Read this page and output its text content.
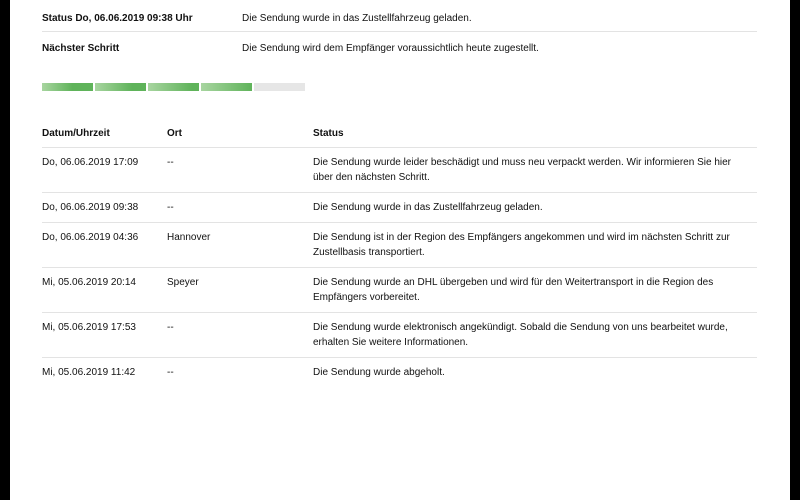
Status Do, 06.06.2019 09:38 Uhr	Die Sendung wurde in das Zustellfahrzeug geladen.
Nächster Schritt	Die Sendung wird dem Empfänger voraussichtlich heute zugestellt.
Datum/Uhrzeit	Ort	Status
Do, 06.06.2019 17:09	--	Die Sendung wurde leider beschädigt und muss neu verpackt werden. Wir informieren Sie hier über den nächsten Schritt.
Do, 06.06.2019 09:38	--	Die Sendung wurde in das Zustellfahrzeug geladen.
Do, 06.06.2019 04:36	Hannover	Die Sendung ist in der Region des Empfängers angekommen und wird im nächsten Schritt zur Zustellbasis transportiert.
Mi, 05.06.2019 20:14	Speyer	Die Sendung wurde an DHL übergeben und wird für den Weitertransport in die Region des Empfängers vorbereitet.
Mi, 05.06.2019 17:53	--	Die Sendung wurde elektronisch angekündigt. Sobald die Sendung von uns bearbeitet wurde, erhalten Sie weitere Informationen.
Mi, 05.06.2019 11:42	--	Die Sendung wurde abgeholt.
